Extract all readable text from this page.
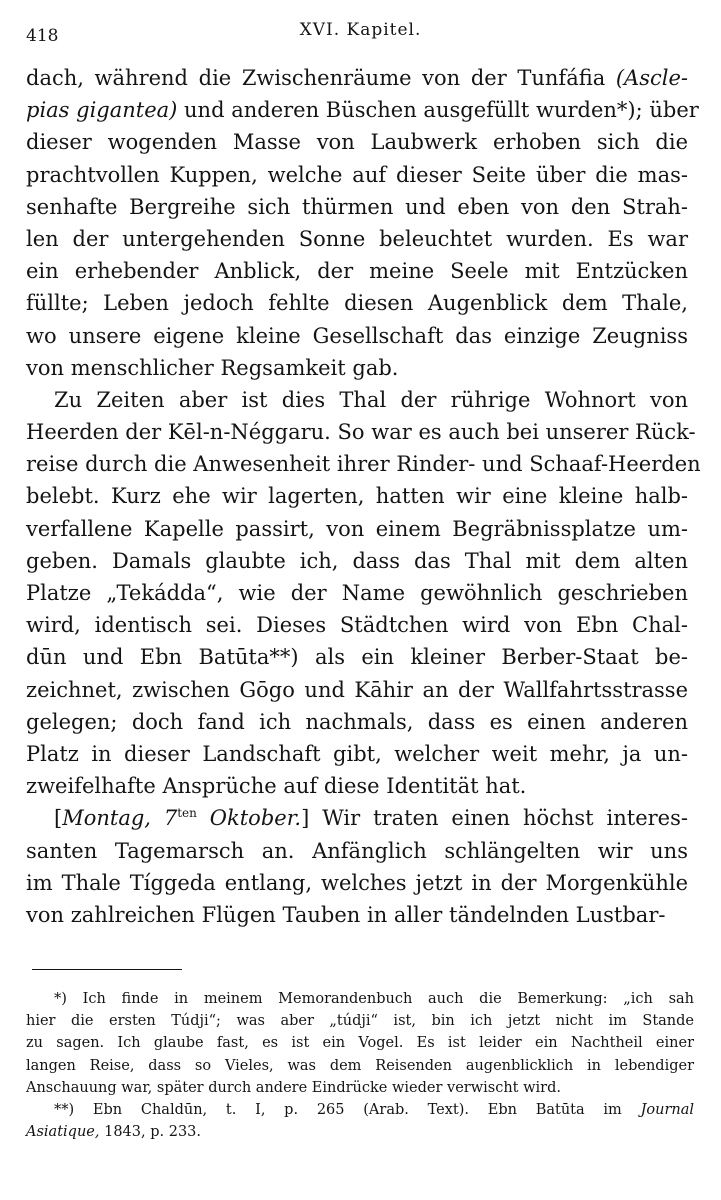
418	XVI. Kapitel.
dach, während die Zwischenräume von der Tunfáfia (Ascle-
pias gigantea) und anderen Büschen ausgefüllt wurden*); über
dieser wogenden Masse von Laubwerk erhoben sich die
prachtvollen Kuppen, welche auf dieser Seite über die mas-
senhafte Bergreihe sich thürmen und eben von den Strah-
len der untergehenden Sonne beleuchtet wurden. Es war
ein erhebender Anblick, der meine Seele mit Entzücken
füllte; Leben jedoch fehlte diesen Augenblick dem Thale,
wo unsere eigene kleine Gesellschaft das einzige Zeugniss
von menschlicher Regsamkeit gab.
Zu Zeiten aber ist dies Thal der rührige Wohnort von
Heerden der Kēl-n-Néggaru. So war es auch bei unserer Rück-
reise durch die Anwesenheit ihrer Rinder- und Schaaf-Heerden
belebt. Kurz ehe wir lagerten, hatten wir eine kleine halb-
verfallene Kapelle passirt, von einem Begräbnissplatze um-
geben. Damals glaubte ich, dass das Thal mit dem alten
Platze „Tekádda“, wie der Name gewöhnlich geschrieben
wird, identisch sei. Dieses Städtchen wird von Ebn Chal-
dūn und Ebn Batūta**) als ein kleiner Berber-Staat be-
zeichnet, zwischen Gōgo und Kāhir an der Wallfahrtsstrasse
gelegen; doch fand ich nachmals, dass es einen anderen
Platz in dieser Landschaft gibt, welcher weit mehr, ja un-
zweifelhafte Ansprüche auf diese Identität hat.
[Montag, $7^{ten}$ Oktober.] Wir traten einen höchst interes-
santen Tagemarsch an. Anfänglich schlängelten wir uns
im Thale Tíggeda entlang, welches jetzt in der Morgenkühle
von zahlreichen Flügen Tauben in aller tändelnden Lustbar-
*) Ich finde in meinem Memorandenbuch auch die Bemerkung: „ich sah
hier die ersten Túdji“; was aber „túdji“ ist, bin ich jetzt nicht im Stande
zu sagen. Ich glaube fast, es ist ein Vogel. Es ist leider ein Nachtheil einer
langen Reise, dass so Vieles, was dem Reisenden augenblicklich in lebendiger
Anschauung war, später durch andere Eindrücke wieder verwischt wird.
**) Ebn Chaldūn, t. I, p. 265 (Arab. Text). Ebn Batūta im Journal
Asiatique, 1843, p. 233.
